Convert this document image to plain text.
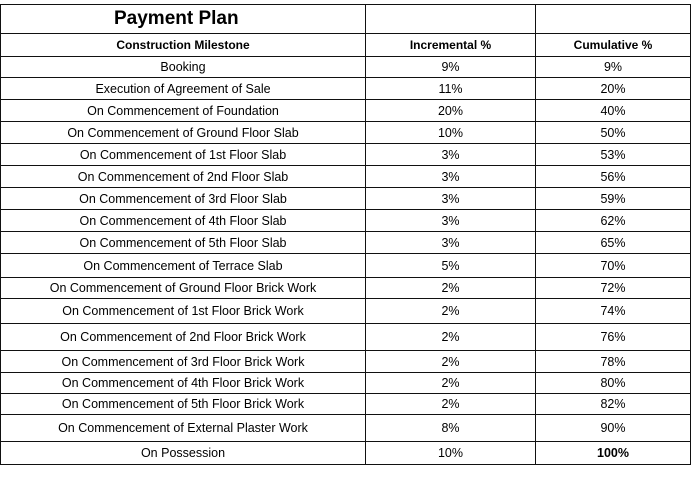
Payment Plan		
Construction Milestone	Incremental %	Cumulative %
Booking	9%	9%
Execution of Agreement of Sale	11%	20%
On Commencement of Foundation	20%	40%
On Commencement of Ground Floor Slab	10%	50%
On Commencement of 1st Floor Slab	3%	53%
On Commencement of 2nd Floor Slab	3%	56%
On Commencement of 3rd Floor Slab	3%	59%
On Commencement of 4th Floor Slab	3%	62%
On Commencement of 5th Floor Slab	3%	65%
On Commencement of Terrace Slab	5%	70%
On Commencement of Ground Floor Brick Work	2%	72%
On Commencement of 1st Floor Brick Work	2%	74%
On Commencement of 2nd Floor Brick Work	2%	76%
On Commencement of 3rd Floor Brick Work	2%	78%
On Commencement of 4th Floor Brick Work	2%	80%
On Commencement of 5th Floor Brick Work	2%	82%
On Commencement of External Plaster Work	8%	90%
On Possession	10%	100%
